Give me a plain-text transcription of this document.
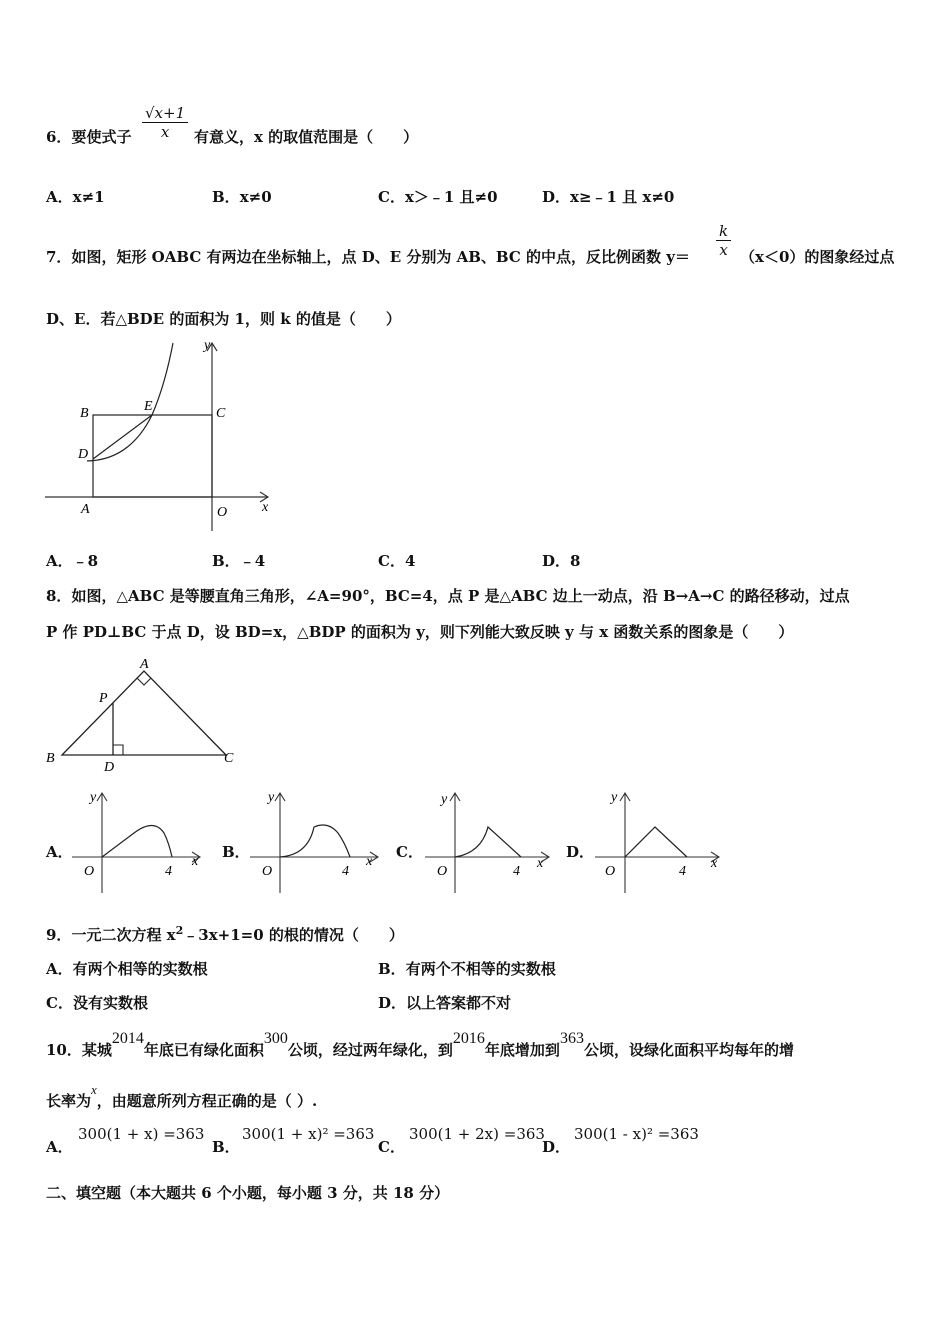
6．要使式子 $\frac{√x+1}{x}$ 有意义，x 的取值范围是（　　）
A．x≠1	B．x≠0	C．x＞﹣1 且≠0	D．x≥﹣1 且 x≠0
7．如图，矩形 OABC 有两边在坐标轴上，点 D、E 分别为 AB、BC 的中点，反比例函数 $y= \frac{k}{x} (x<0)$的图象经过点
D、E．若△BDE 的面积为 1，则 k 的值是（　　）
y
x
B	E	C
D
A	O
A．﹣8	B．﹣4	C．4	D．8
8．如图，△ABC 是等腰直角三角形，∠A=90°，BC=4，点 P 是△ABC 边上一动点，沿 B→A→C 的路径移动，过点
P 作 PD⊥BC 于点 D，设 BD=x，△BDP 的面积为 y，则下列能大致反映 y 与 x 函数关系的图象是（　　）
A
P
B
D
C
A．
y
x
O	4
B．
y
x
O	4
C．
y
x
O	4
D．
y
x
O	4
9．一元二次方程 $x^2﹣3x+1=0$ 的根的情况（　　）
A．有两个相等的实数根	B．有两个不相等的实数根
C．没有实数根	D．以上答案都不对
10．某城2014年底已有绿化面积300公顷，经过两年绿化，到2016年底增加到363公顷，设绿化面积平均每年的增
长率为x，由题意所列方程正确的是（ ）.
A．
300(1 + x) =363
B．
300(1 + x)² =363
C．
300(1 + 2x) =363
D．
300(1 - x)² =363
二、填空题（本大题共 6 个小题，每小题 3 分，共 18 分）
